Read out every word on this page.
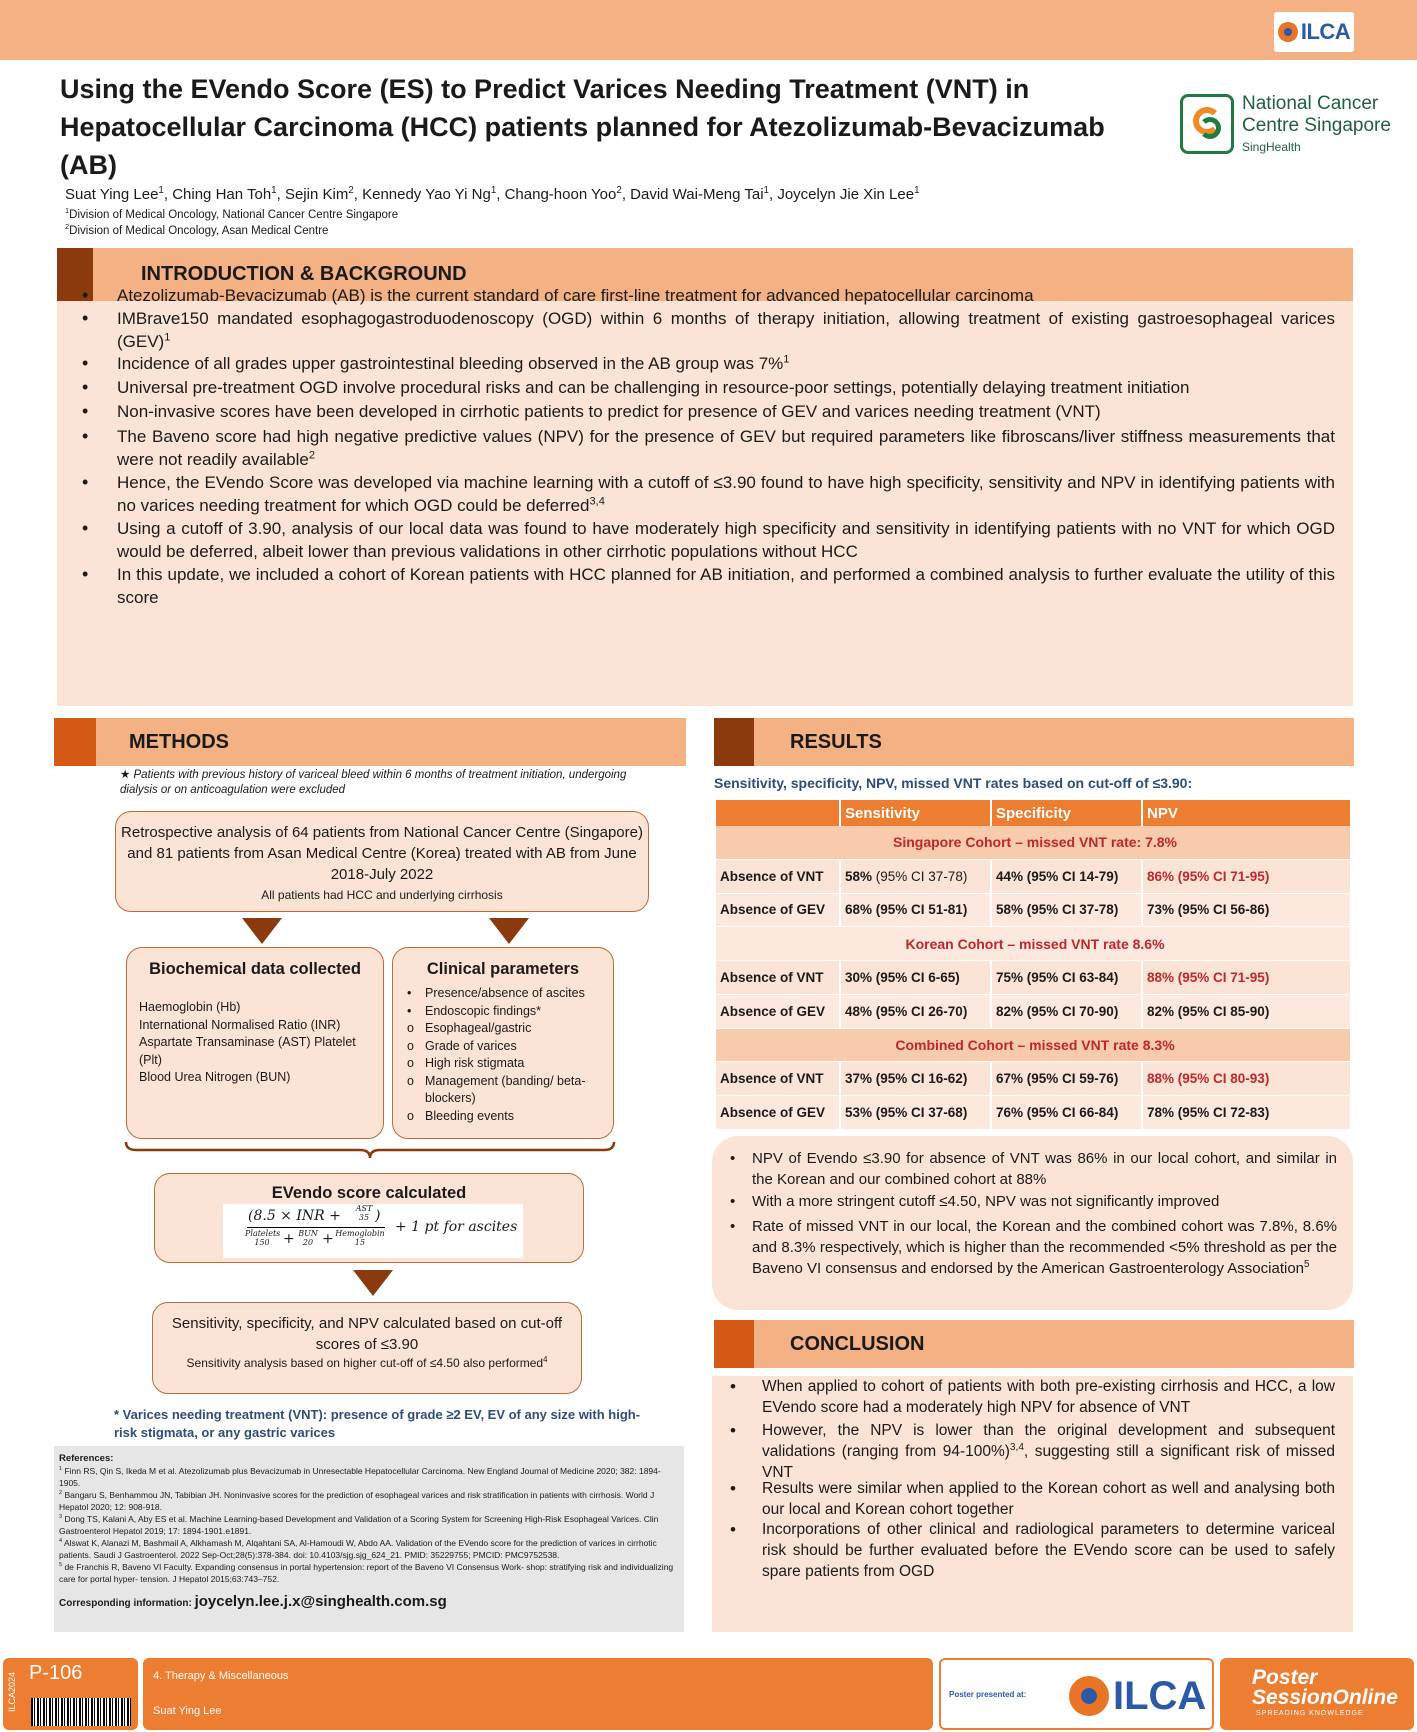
ILCA
Using the EVendo Score (ES) to Predict Varices Needing Treatment (VNT) in Hepatocellular Carcinoma (HCC) patients planned for Atezolizumab-Bevacizumab (AB)
Suat Ying Lee$^1$, Ching Han Toh$^1$, Sejin Kim$^2$, Kennedy Yao Yi Ng$^1$, Chang-hoon Yoo$^2$, David Wai-Meng Tai$^1$, Joycelyn Jie Xin Lee$^1$
$^1$Division of Medical Oncology, National Cancer Centre Singapore
$^2$Division of Medical Oncology, Asan Medical Centre
National Cancer
Centre Singapore
SingHealth
INTRODUCTION & BACKGROUND
• Atezolizumab-Bevacizumab (AB) is the current standard of care first-line treatment for advanced hepatocellular carcinoma
• IMBrave150 mandated esophagogastroduodenoscopy (OGD) within 6 months of therapy initiation, allowing treatment of existing gastroesophageal varices (GEV)$^1$
• Incidence of all grades upper gastrointestinal bleeding observed in the AB group was 7%$^1$
• Universal pre-treatment OGD involve procedural risks and can be challenging in resource-poor settings, potentially delaying treatment initiation
• Non-invasive scores have been developed in cirrhotic patients to predict for presence of GEV and varices needing treatment (VNT)
• The Baveno score had high negative predictive values (NPV) for the presence of GEV but required parameters like fibroscans/liver stiffness measurements that were not readily available$^2$
• Hence, the EVendo Score was developed via machine learning with a cutoff of ≤3.90 found to have high specificity, sensitivity and NPV in identifying patients with no varices needing treatment for which OGD could be deferred$^{3,4}$
• Using a cutoff of 3.90, analysis of our local data was found to have moderately high specificity and sensitivity in identifying patients with no VNT for which OGD would be deferred, albeit lower than previous validations in other cirrhotic populations without HCC
• In this update, we included a cohort of Korean patients with HCC planned for AB initiation, and performed a combined analysis to further evaluate the utility of this score
METHODS
★ Patients with previous history of variceal bleed within 6 months of treatment initiation, undergoing dialysis or on anticoagulation were excluded
Retrospective analysis of 64 patients from National Cancer Centre (Singapore) and 81 patients from Asan Medical Centre (Korea) treated with AB from June 2018-July 2022
All patients had HCC and underlying cirrhosis
Biochemical data collected
Haemoglobin (Hb)
International Normalised Ratio (INR)
Aspartate Transaminase (AST) Platelet (Plt)
Blood Urea Nitrogen (BUN)
Clinical parameters
• Presence/absence of ascites
• Endoscopic findings*
o Esophageal/gastric
o Grade of varices
o High risk stigmata
o Management (banding/ beta-blockers)
o Bleeding events
EVendo score calculated
(8.5 × INR + AST
35 )
Platelets
150 + BUN
20 + Hemoglobin
15
+ 1 pt for ascites
Sensitivity, specificity, and NPV calculated based on cut-off scores of ≤3.90
Sensitivity analysis based on higher cut-off of ≤4.50 also performed$^4$
* Varices needing treatment (VNT): presence of grade ≥2 EV, EV of any size with high-risk stigmata, or any gastric varices
References:
$^1$ Finn RS, Qin S, Ikeda M et al. Atezolizumab plus Bevacizumab in Unresectable Hepatocellular Carcinoma. New England Journal of Medicine 2020; 382: 1894-1905.
$^2$ Bangaru S, Benhammou JN, Tabibian JH. Noninvasive scores for the prediction of esophageal varices and risk stratification in patients with cirrhosis. World J Hepatol 2020; 12: 908-918.
$^3$ Dong TS, Kalani A, Aby ES et al. Machine Learning-based Development and Validation of a Scoring System for Screening High-Risk Esophageal Varices. Clin Gastroenterol Hepatol 2019; 17: 1894-1901.e1891.
$^4$ Alswat K, Alanazi M, Bashmail A, Alkhamash M, Alqahtani SA, Al-Hamoudi W, Abdo AA. Validation of the EVendo score for the prediction of varices in cirrhotic patients. Saudi J Gastroenterol. 2022 Sep-Oct;28(5):378-384. doi: 10.4103/sjg.sjg_624_21. PMID: 35229755; PMCID: PMC9752538.
$^5$ de Franchis R, Baveno VI Faculty. Expanding consensus in portal hypertension: report of the Baveno VI Consensus Work- shop: stratifying risk and individualizing care for portal hyper- tension. J Hepatol 2015;63:743–752.
Corresponding information: joycelyn.lee.j.x@singhealth.com.sg
RESULTS
Sensitivity, specificity, NPV, missed VNT rates based on cut-off of ≤3.90:
	Sensitivity	Specificity	NPV
Singapore Cohort – missed VNT rate: 7.8%			
Absence of VNT	58% (95% CI 37-78)	44% (95% CI 14-79)	86% (95% CI 71-95)
Absence of GEV	68% (95% CI 51-81)	58% (95% CI 37-78)	73% (95% CI 56-86)
Korean Cohort – missed VNT rate 8.6%			
Absence of VNT	30% (95% CI 6-65)	75% (95% CI 63-84)	88% (95% CI 71-95)
Absence of GEV	48% (95% CI 26-70)	82% (95% CI 70-90)	82% (95% CI 85-90)
Combined Cohort – missed VNT rate 8.3%			
Absence of VNT	37% (95% CI 16-62)	67% (95% CI 59-76)	88% (95% CI 80-93)
Absence of GEV	53% (95% CI 37-68)	76% (95% CI 66-84)	78% (95% CI 72-83)
• NPV of Evendo ≤3.90 for absence of VNT was 86% in our local cohort, and similar in the Korean and our combined cohort at 88%
• With a more stringent cutoff ≤4.50, NPV was not significantly improved
• Rate of missed VNT in our local, the Korean and the combined cohort was 7.8%, 8.6% and 8.3% respectively, which is higher than the recommended <5% threshold as per the Baveno VI consensus and endorsed by the American Gastroenterology Association$^5$
CONCLUSION
• When applied to cohort of patients with both pre-existing cirrhosis and HCC, a low EVendo score had a moderately high NPV for absence of VNT
• However, the NPV is lower than the original development and subsequent validations (ranging from 94-100%)$^{3,4}$, suggesting still a significant risk of missed VNT
• Results were similar when applied to the Korean cohort as well and analysing both our local and Korean cohort together
• Incorporations of other clinical and radiological parameters to determine variceal risk should be further evaluated before the EVendo score can be used to safely spare patients from OGD
ILCA2024 P-106	4. Therapy & Miscellaneous
Suat Ying Lee
Poster presented at: ILCA Poster
SessionOnline
SPREADING KNOWLEDGE
